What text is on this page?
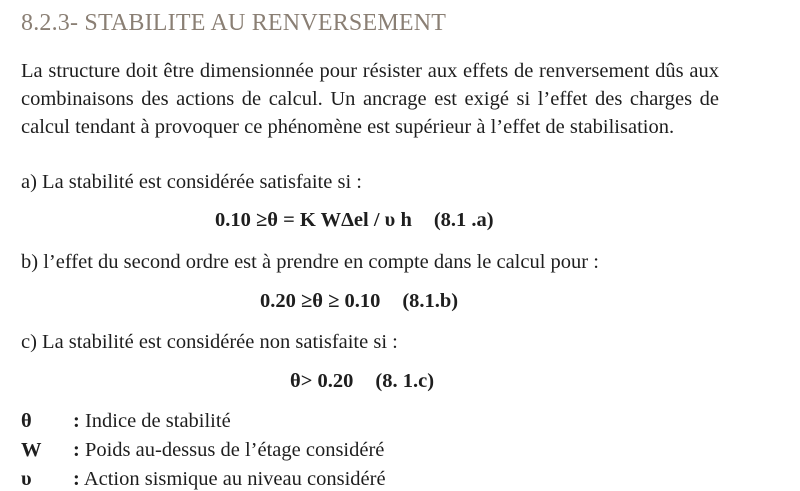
8.2.3- STABILITE AU RENVERSEMENT
La structure doit être dimensionnée pour résister aux effets de renversement dûs aux combinaisons des actions de calcul. Un ancrage est exigé si l’effet des charges de calcul tendant à provoquer ce phénomène est supérieur à l’effet de stabilisation.
a) La stabilité est considérée satisfaite si :
0.10 ≥θ = K WΔel / υ h (8.1 .a)
b) l’effet du second ordre est à prendre en compte dans le calcul pour :
0.20 ≥θ ≥ 0.10 (8.1.b)
c) La stabilité est considérée non satisfaite si :
θ> 0.20 (8. 1.c)
θ : Indice de stabilité
W : Poids au-dessus de l’étage considéré
υ : Action sismique au niveau considéré
